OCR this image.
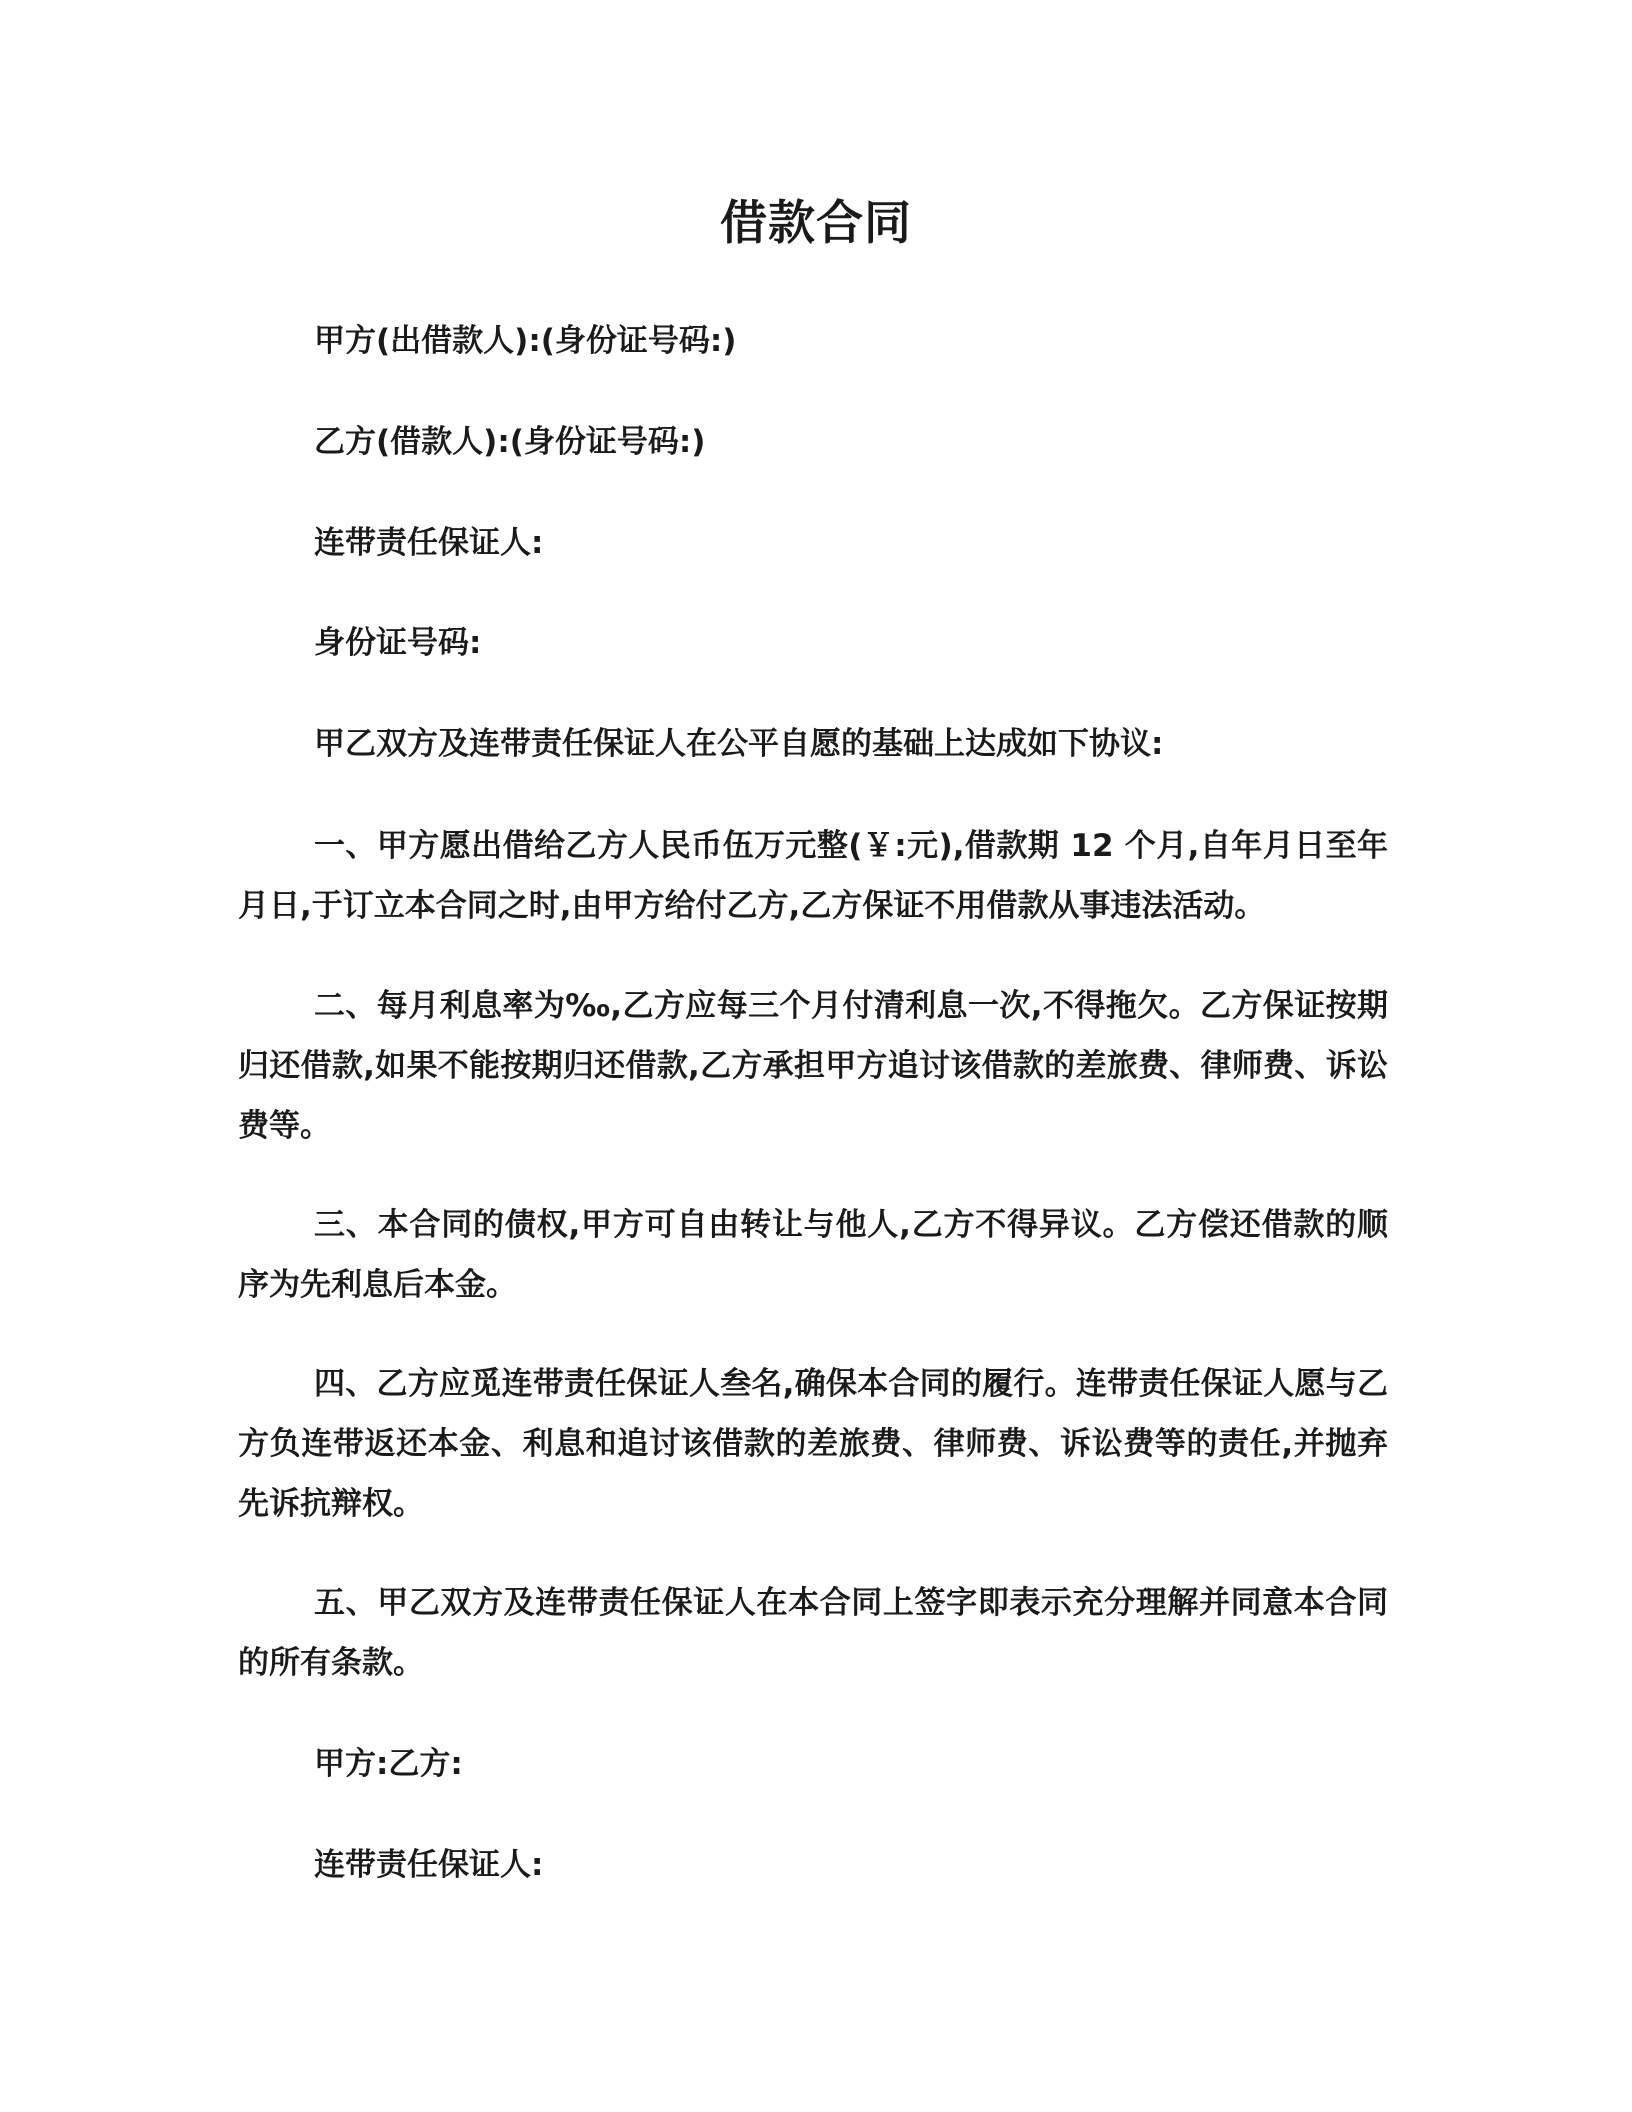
借款合同
甲方(出借款人):(身份证号码:)
乙方(借款人):(身份证号码:)
连带责任保证人:
身份证号码:
甲乙双方及连带责任保证人在公平自愿的基础上达成如下协议:
一、甲方愿出借给乙方人民币伍万元整(￥:元),借款期 12 个月,自年月日至年月日,于订立本合同之时,由甲方给付乙方,乙方保证不用借款从事违法活动。
二、每月利息率为‰,乙方应每三个月付清利息一次,不得拖欠。乙方保证按期归还借款,如果不能按期归还借款,乙方承担甲方追讨该借款的差旅费、律师费、诉讼费等。
三、本合同的债权,甲方可自由转让与他人,乙方不得异议。乙方偿还借款的顺序为先利息后本金。
四、乙方应觅连带责任保证人叁名,确保本合同的履行。连带责任保证人愿与乙方负连带返还本金、利息和追讨该借款的差旅费、律师费、诉讼费等的责任,并抛弃先诉抗辩权。
五、甲乙双方及连带责任保证人在本合同上签字即表示充分理解并同意本合同的所有条款。
甲方:乙方:
连带责任保证人:
